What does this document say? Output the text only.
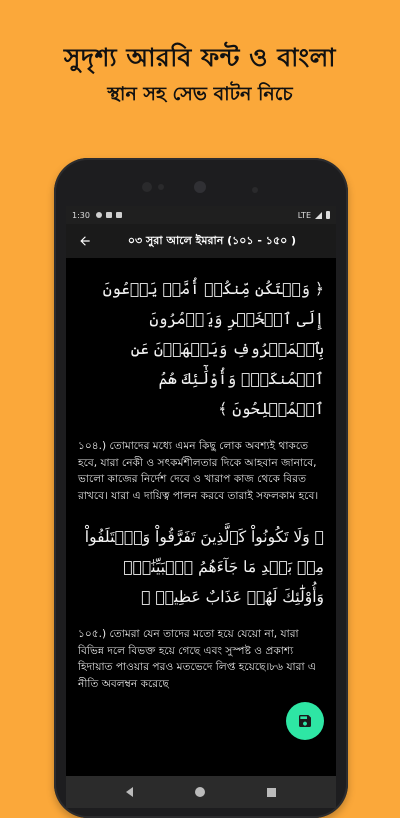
সুদৃশ্য আরবি ফন্ট ও বাংলা
স্থান সহ সেভ বাটন নিচে
1:30	LTE
০৩ সুরা আলে ইমরান (১০১ - ১৫০ )
﴿ وَلۡتَكُن مِّنكُمۡ أُمَّةٞ يَدۡعُونَ إِلَى ٱلۡخَيۡرِ وَيَأۡمُرُونَ بِٱلۡمَعۡرُوفِ وَيَنۡهَوۡنَ عَنِ ٱلۡمُنكَرِۚ وَأُوْلَٰٓئِكَ هُمُ ٱلۡمُفۡلِحُونَ ﴾
১০৪.) তোমাদের মধ্যে এমন কিছু লোক অবশ্যই থাকতে হবে, যারা নেকী ও সৎকর্মশীলতার দিকে আহবান জানাবে, ভালো কাজের নির্দেশ দেবে ও খারাপ কাজ থেকে বিরত রাখবে। যারা এ দায়িত্ব পালন করবে তারাই সফলকাম হবে।
﴿ وَلَا تَكُونُواْ كَٱلَّذِينَ تَفَرَّقُواْ وَٱخۡتَلَفُواْ مِنۢ بَعۡدِ مَا جَآءَهُمُ ٱلۡبَيِّنَٰتُۚ وَأُوْلَٰٓئِكَ لَهُمۡ عَذَابٌ عَظِيمٞ ﴾
১০৫.) তোমরা যেন তাদের মতো হয়ে যেয়ো না, যারা বিভিন্ন দলে বিভক্ত হয়ে গেছে এবং সুস্পষ্ট ও প্রকাশ্য হিদায়াত পাওয়ার পরও মতভেদে লিপ্ত হয়েছে।৮৬ যারা এ নীতি অবলম্বন করেছে
